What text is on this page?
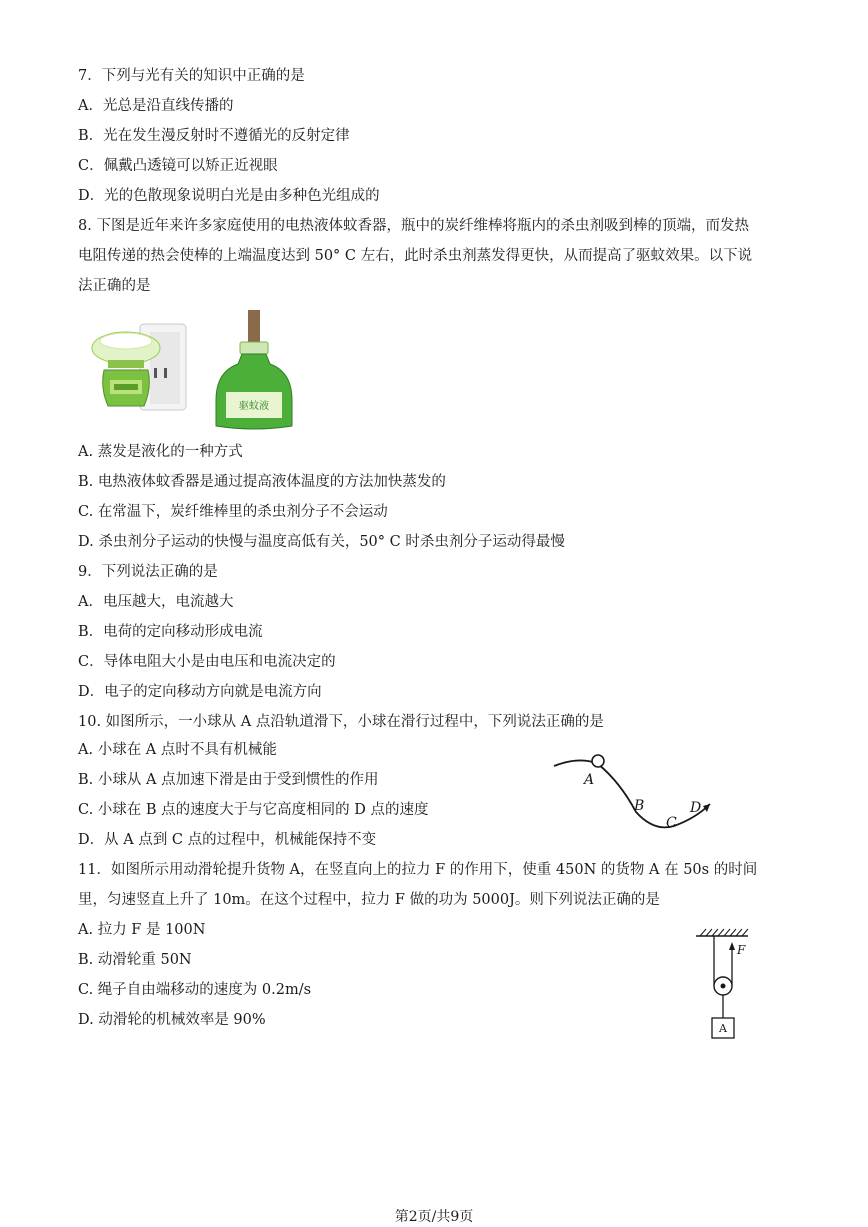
7．下列与光有关的知识中正确的是
A．光总是沿直线传播的
B．光在发生漫反射时不遵循光的反射定律
C．佩戴凸透镜可以矫正近视眼
D．光的色散现象说明白光是由多种色光组成的
8. 下图是近年来许多家庭使用的电热液体蚊香器，瓶中的炭纤维棒将瓶内的杀虫剂吸到棒的顶端，而发热
电阻传递的热会使棒的上端温度达到 50° C 左右，此时杀虫剂蒸发得更快，从而提高了驱蚊效果。以下说
法正确的是
驱蚊液
A. 蒸发是液化的一种方式
B. 电热液体蚊香器是通过提高液体温度的方法加快蒸发的
C. 在常温下，炭纤维棒里的杀虫剂分子不会运动
D. 杀虫剂分子运动的快慢与温度高低有关，50° C 时杀虫剂分子运动得最慢
9．下列说法正确的是
A．电压越大，电流越大
B．电荷的定向移动形成电流
C．导体电阻大小是由电压和电流决定的
D．电子的定向移动方向就是电流方向
10. 如图所示，一小球从 A 点沿轨道滑下，小球在滑行过程中，下列说法正确的是
A. 小球在 A 点时不具有机械能
B. 小球从 A 点加速下滑是由于受到惯性的作用
C. 小球在 B 点的速度大于与它高度相同的 D 点的速度
D．从 A 点到 C 点的过程中，机械能保持不变
A
B
C
D
11．如图所示用动滑轮提升货物 A，在竖直向上的拉力 F 的作用下，使重 450N 的货物 A 在 50s 的时间
里，匀速竖直上升了 10m。在这个过程中，拉力 F 做的功为 5000J。则下列说法正确的是
A. 拉力 F 是 100N
B. 动滑轮重 50N
C. 绳子自由端移动的速度为 0.2m/s
D. 动滑轮的机械效率是 90%
F
A
第2页/共9页
